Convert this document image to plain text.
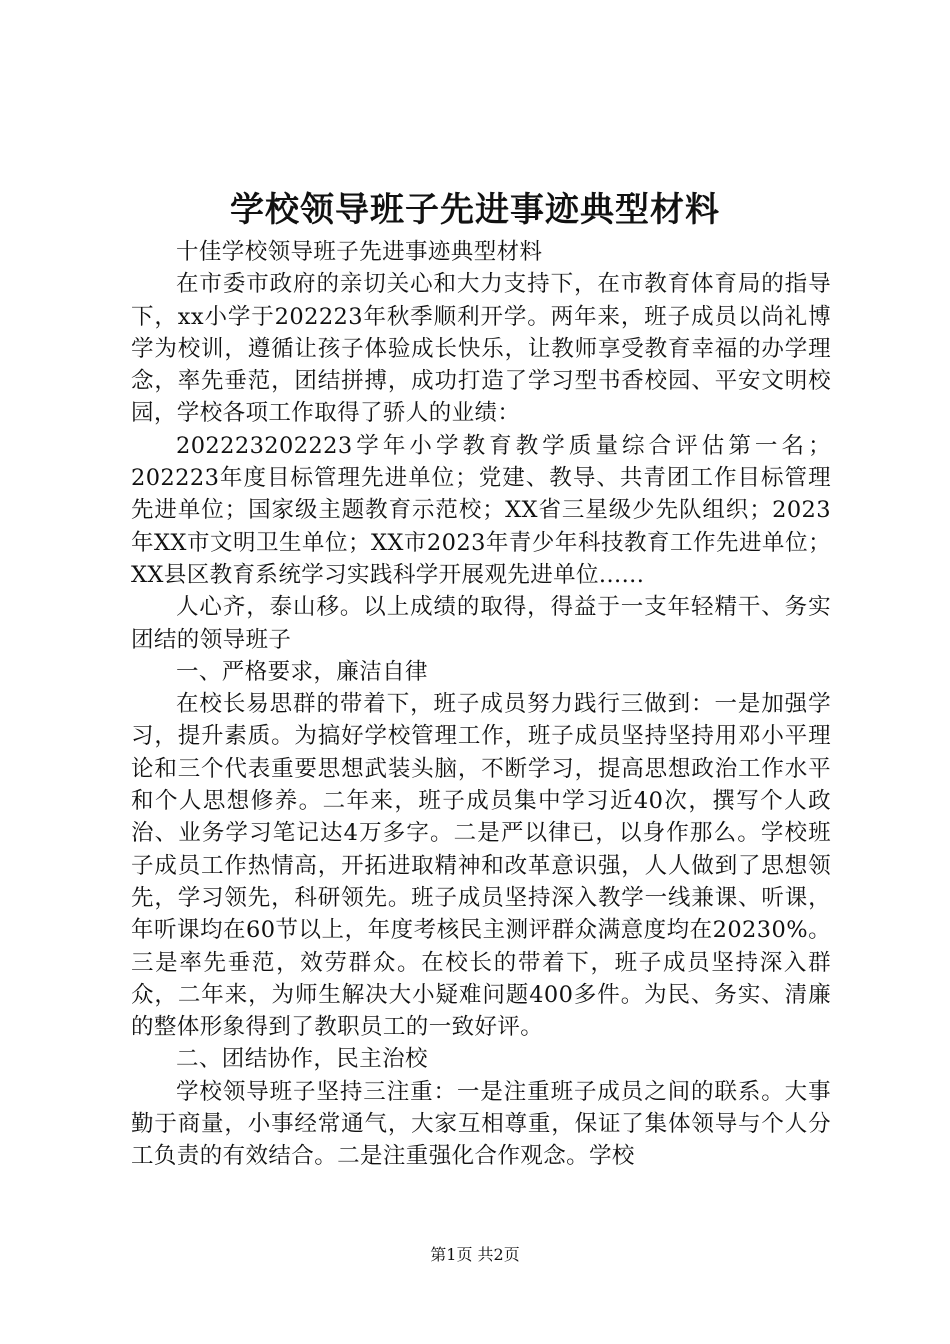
学校领导班子先进事迹典型材料

十佳学校领导班子先进事迹典型材料

在市委市政府的亲切关心和大力支持下，在市教育体育局的指导下，xx小学于202223年秋季顺利开学。两年来，班子成员以尚礼博学为校训，遵循让孩子体验成长快乐，让教师享受教育幸福的办学理念，率先垂范，团结拼搏，成功打造了学习型书香校园、平安文明校园，学校各项工作取得了骄人的业绩：

202223202223学年小学教育教学质量综合评估第一名；202223年度目标管理先进单位；党建、教导、共青团工作目标管理先进单位；国家级主题教育示范校；XX省三星级少先队组织；2023年XX市文明卫生单位；XX市2023年青少年科技教育工作先进单位；XX县区教育系统学习实践科学开展观先进单位......

人心齐，泰山移。以上成绩的取得，得益于一支年轻精干、务实团结的领导班子

一、严格要求，廉洁自律

在校长易思群的带着下，班子成员努力践行三做到：一是加强学习，提升素质。为搞好学校管理工作，班子成员坚持坚持用邓小平理论和三个代表重要思想武装头脑，不断学习，提高思想政治工作水平和个人思想修养。二年来，班子成员集中学习近40次，撰写个人政治、业务学习笔记达4万多字。二是严以律已，以身作那么。学校班子成员工作热情高，开拓进取精神和改革意识强，人人做到了思想领先，学习领先，科研领先。班子成员坚持深入教学一线兼课、听课，年听课均在60节以上，年度考核民主测评群众满意度均在20230%。三是率先垂范，效劳群众。在校长的带着下，班子成员坚持深入群众，二年来，为师生解决大小疑难问题400多件。为民、务实、清廉的整体形象得到了教职员工的一致好评。

二、团结协作，民主治校

学校领导班子坚持三注重：一是注重班子成员之间的联系。大事勤于商量，小事经常通气，大家互相尊重，保证了集体领导与个人分工负责的有效结合。二是注重强化合作观念。学校

第1页 共2页
